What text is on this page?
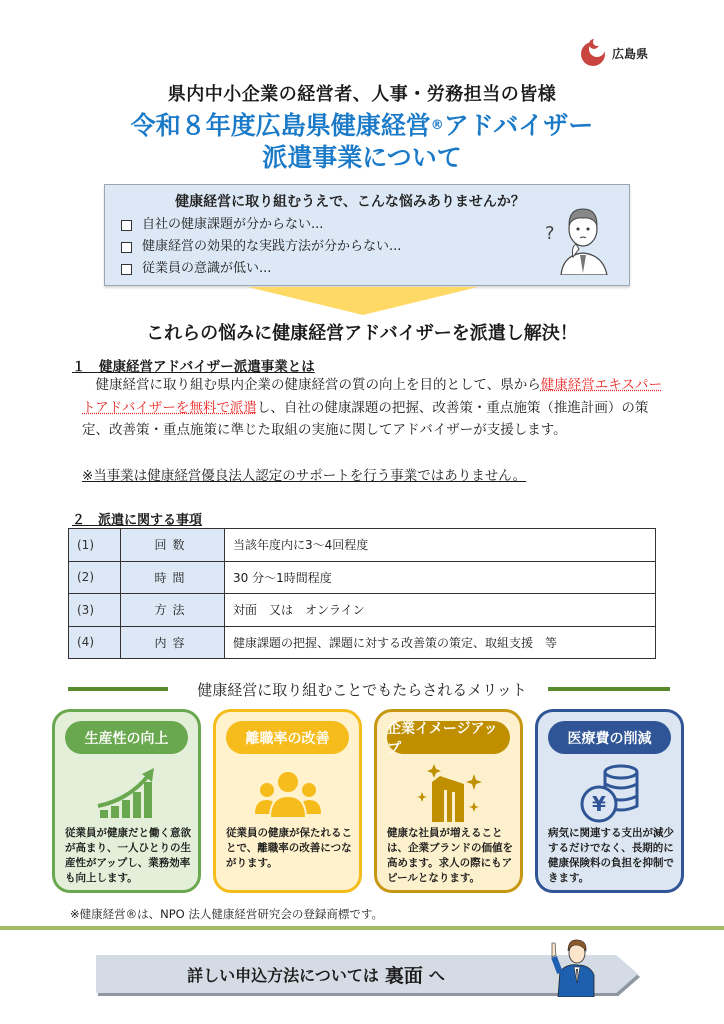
広島県
県内中小企業の経営者、人事・労務担当の皆様
令和８年度広島県健康経営®アドバイザー
派遣事業について
健康経営に取り組むうえで、こんな悩みありませんか？
自社の健康課題が分からない...
健康経営の効果的な実践方法が分からない...
従業員の意識が低い...
?
これらの悩みに健康経営アドバイザーを派遣し解決！
１　健康経営アドバイザー派遣事業とは
　健康経営に取り組む県内企業の健康経営の質の向上を目的として、県から健康経営エキスパートアドバイザーを無料で派遣し、自社の健康課題の把握、改善策・重点施策（推進計画）の策定、改善策・重点施策に準じた取組の実施に関してアドバイザーが支援します。
※当事業は健康経営優良法人認定のサポートを行う事業ではありません。
２　派遣に関する事項
(1)	回数	当該年度内に3～4回程度
(2)	時間	30 分～1時間程度
(3)	方法	対面　又は　オンライン
(4)	内容	健康課題の把握、課題に対する改善策の策定、取組支援　等
健康経営に取り組むことでもたらされるメリット
生産性の向上
従業員が健康だと働く意欲が高まり、一人ひとりの生産性がアップし、業務効率も向上します。
離職率の改善
従業員の健康が保たれることで、離職率の改善につながります。
企業イメージアップ
健康な社員が増えることは、企業ブランドの価値を高めます。求人の際にもアピールとなります。
医療費の削減
¥
病気に関連する支出が減少するだけでなく、長期的に健康保険料の負担を抑制できます。
※健康経営®は、NPO 法人健康経営研究会の登録商標です。
詳しい申込方法については 裏面 へ
